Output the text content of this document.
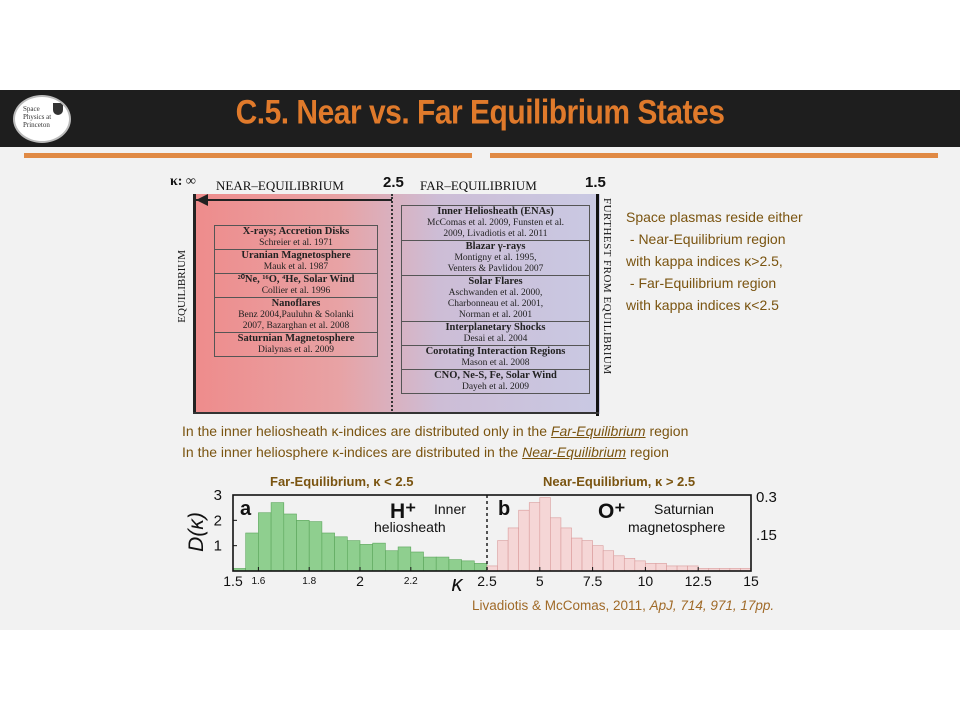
Space Physics at Princeton	C.5. Near vs. Far Equilibrium States
κ: ∞ NEAR–EQUILIBRIUM	2.5 FAR–EQUILIBRIUM	1.5
EQUILIBRIUM	FURTHEST FROM EQUILIBRIUM
X-rays; Accretion Disks
Schreier et al. 1971
Uranian Magnetosphere
Mauk et al. 1987
²⁰Ne, ¹⁶O, ⁴He, Solar Wind
Collier et al. 1996
Nanoflares
Benz 2004,Pauluhn & Solanki
2007, Bazarghan et al. 2008
Saturnian Magnetosphere
Dialynas et al. 2009
Inner Heliosheath (ENAs)
McComas et al. 2009, Funsten et al.
2009, Livadiotis et al. 2011
Blazar γ-rays
Montigny et al. 1995,
Venters & Pavlidou 2007
Solar Flares
Aschwanden et al. 2000,
Charbonneau et al. 2001,
Norman et al. 2001
Interplanetary Shocks
Desai et al. 2004
Corotating Interaction Regions
Mason et al. 2008
CNO, Ne-S, Fe, Solar Wind
Dayeh et al. 2009
Space plasmas reside either
- Near-Equilibrium region
with kappa indices κ>2.5,
- Far-Equilibrium region
with kappa indices κ<2.5
In the inner heliosheath κ-indices are distributed only in the Far-Equilibrium region
In the inner heliosphere κ-indices are distributed in the Near-Equilibrium region
Far-Equilibrium, κ < 2.5	Near-Equilibrium, κ > 2.5
1.5 1.6	1.8	2	2.2	2.5	5	7.5	10 12.5 15
1
2
3
D(κ)
κ
.15
0.3
a	b
H⁺ Inner
heliosheath
O⁺ Saturnian
magnetosphere
Livadiotis & McComas, 2011, ApJ, 714, 971, 17pp.
